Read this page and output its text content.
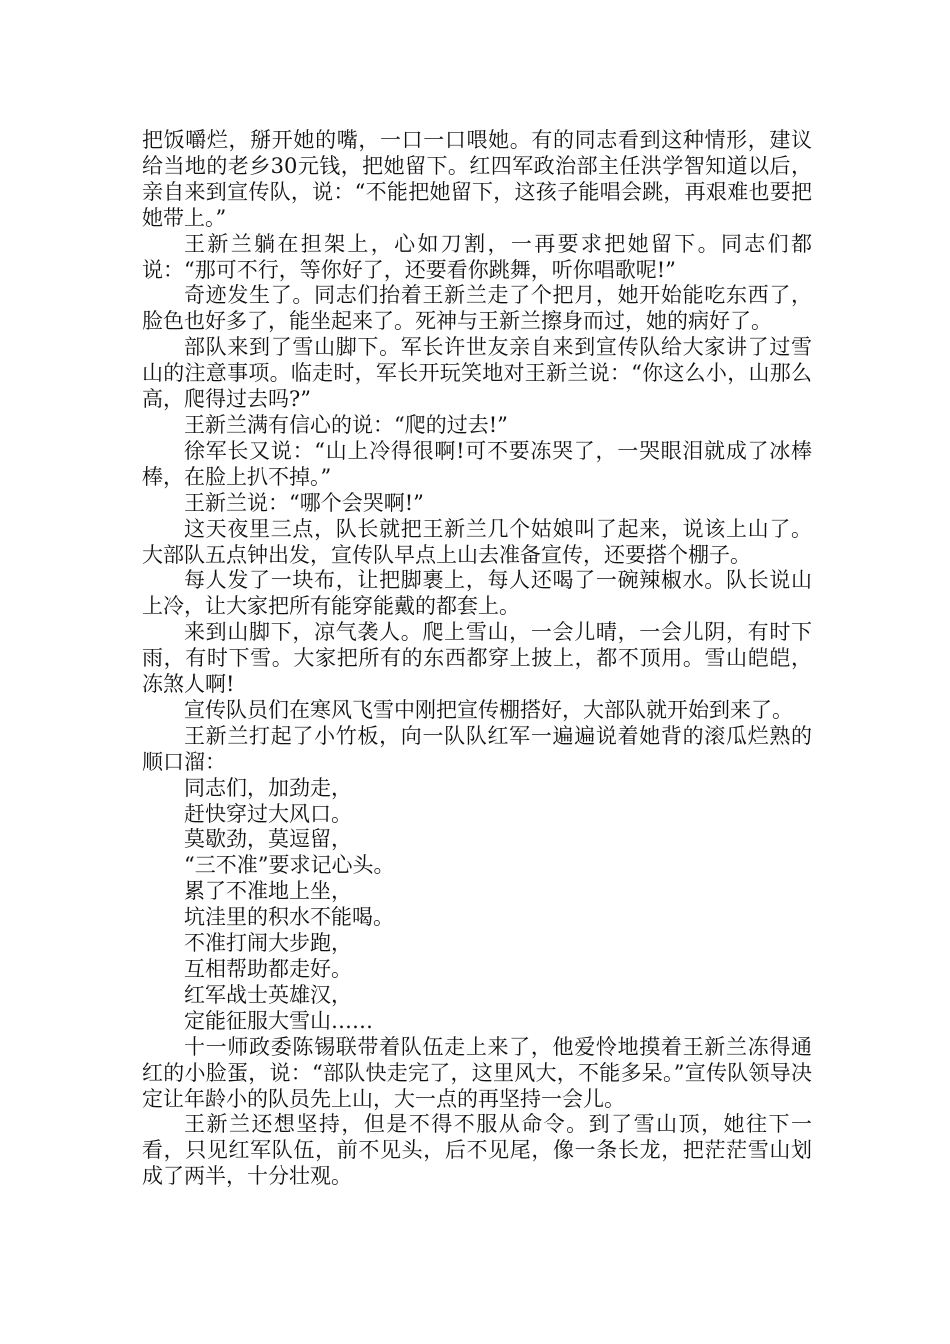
把饭嚼烂，掰开她的嘴，一口一口喂她。有的同志看到这种情形，建议给当地的老乡30元钱，把她留下。红四军政治部主任洪学智知道以后，亲自来到宣传队，说：“不能把她留下，这孩子能唱会跳，再艰难也要把她带上。”

王新兰躺在担架上，心如刀割，一再要求把她留下。同志们都说：“那可不行，等你好了，还要看你跳舞，听你唱歌呢!”

奇迹发生了。同志们抬着王新兰走了个把月，她开始能吃东西了，脸色也好多了，能坐起来了。死神与王新兰擦身而过，她的病好了。

部队来到了雪山脚下。军长许世友亲自来到宣传队给大家讲了过雪山的注意事项。临走时，军长开玩笑地对王新兰说：“你这么小，山那么高，爬得过去吗?”

王新兰满有信心的说：“爬的过去!”

徐军长又说：“山上冷得很啊!可不要冻哭了，一哭眼泪就成了冰棒棒，在脸上扒不掉。”

王新兰说：“哪个会哭啊!”

这天夜里三点，队长就把王新兰几个姑娘叫了起来，说该上山了。大部队五点钟出发，宣传队早点上山去准备宣传，还要搭个棚子。

每人发了一块布，让把脚裹上，每人还喝了一碗辣椒水。队长说山上冷，让大家把所有能穿能戴的都套上。

来到山脚下，凉气袭人。爬上雪山，一会儿晴，一会儿阴，有时下雨，有时下雪。大家把所有的东西都穿上披上，都不顶用。雪山皑皑，冻煞人啊!

宣传队员们在寒风飞雪中刚把宣传棚搭好，大部队就开始到来了。

王新兰打起了小竹板，向一队队红军一遍遍说着她背的滚瓜烂熟的顺口溜：

同志们，加劲走，

赶快穿过大风口。

莫歇劲，莫逗留，

“三不准”要求记心头。

累了不准地上坐，

坑洼里的积水不能喝。

不准打闹大步跑，

互相帮助都走好。

红军战士英雄汉，

定能征服大雪山……

十一师政委陈锡联带着队伍走上来了，他爱怜地摸着王新兰冻得通红的小脸蛋，说：“部队快走完了，这里风大，不能多呆。”宣传队领导决定让年龄小的队员先上山，大一点的再坚持一会儿。

王新兰还想坚持，但是不得不服从命令。到了雪山顶，她往下一看，只见红军队伍，前不见头，后不见尾，像一条长龙，把茫茫雪山划成了两半，十分壮观。
